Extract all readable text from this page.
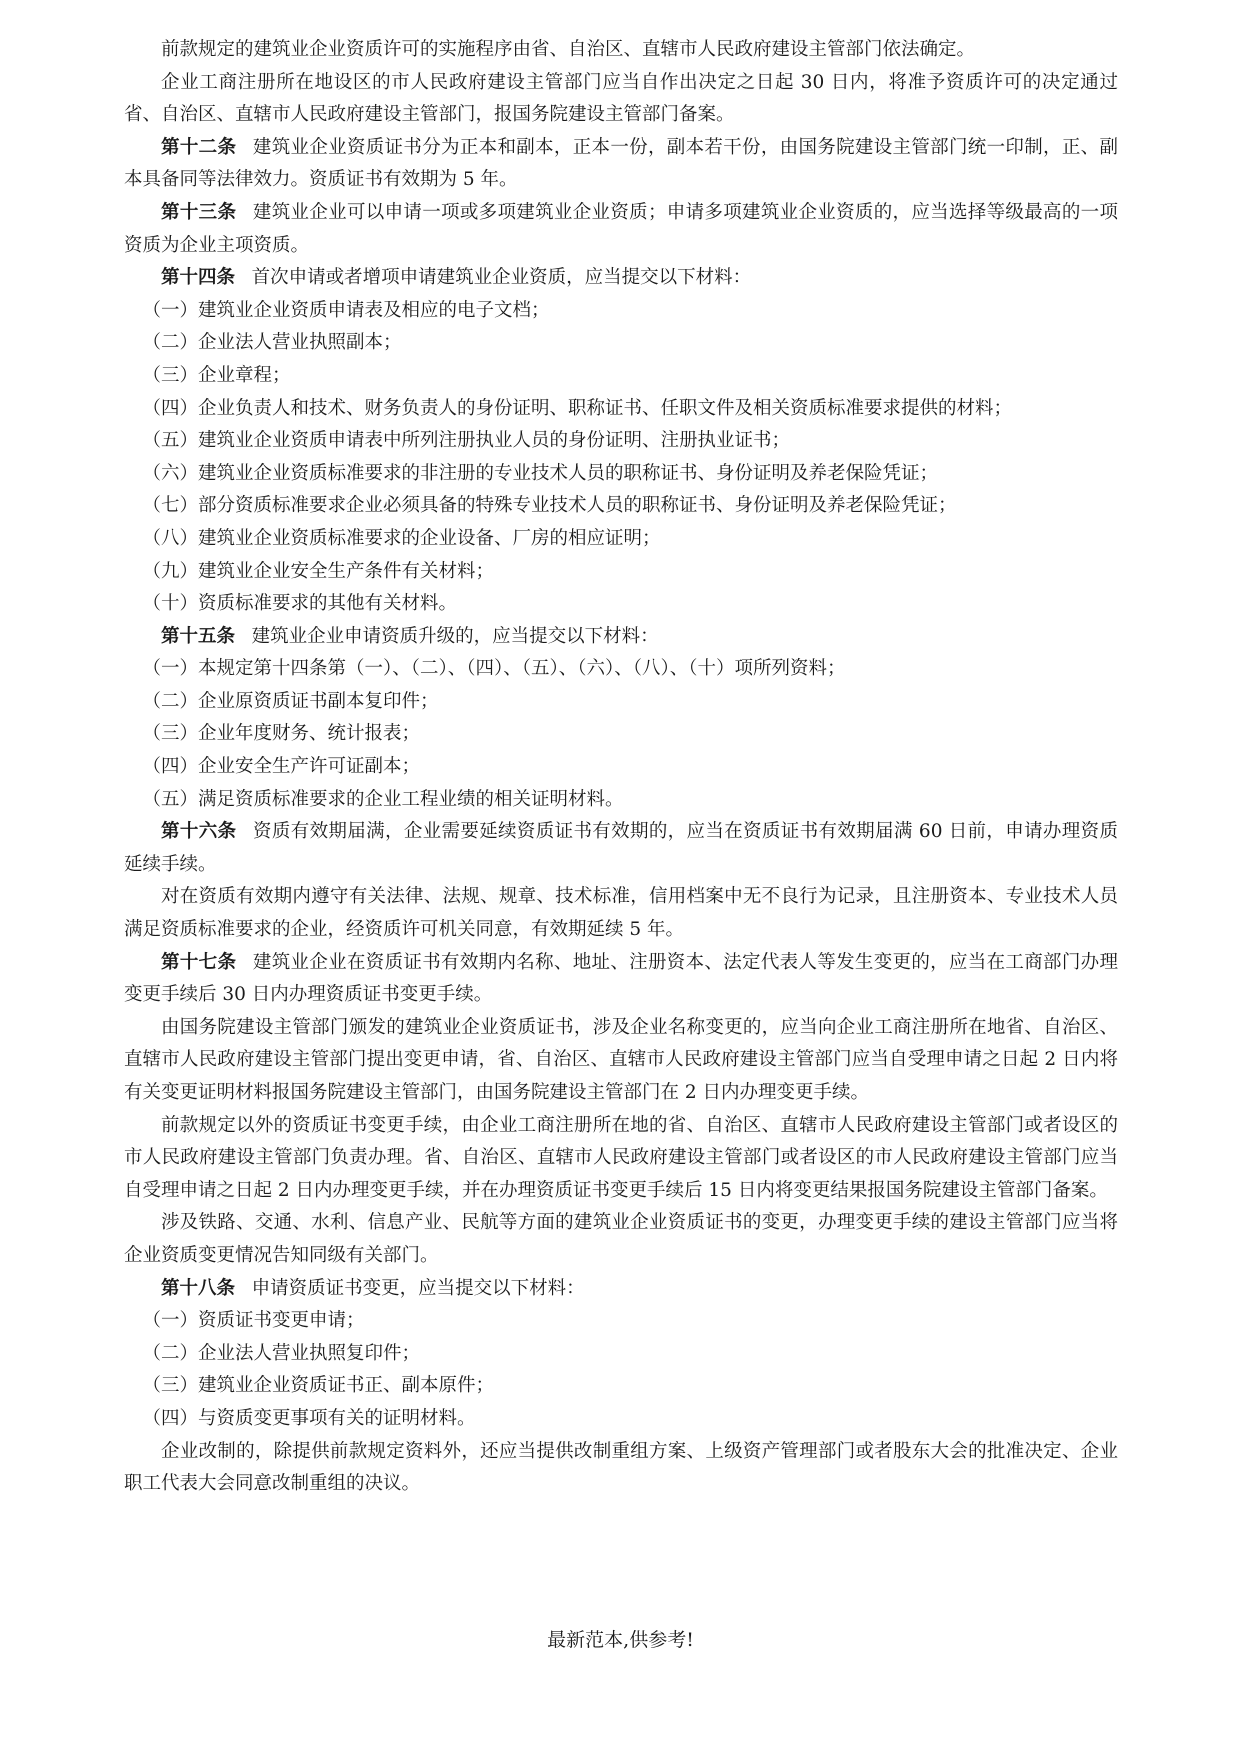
前款规定的建筑业企业资质许可的实施程序由省、自治区、直辖市人民政府建设主管部门依法确定。

企业工商注册所在地设区的市人民政府建设主管部门应当自作出决定之日起 30 日内，将准予资质许可的决定通过省、自治区、直辖市人民政府建设主管部门，报国务院建设主管部门备案。

第十二条 建筑业企业资质证书分为正本和副本，正本一份，副本若干份，由国务院建设主管部门统一印制，正、副本具备同等法律效力。资质证书有效期为 5 年。

第十三条 建筑业企业可以申请一项或多项建筑业企业资质；申请多项建筑业企业资质的，应当选择等级最高的一项资质为企业主项资质。

第十四条 首次申请或者增项申请建筑业企业资质，应当提交以下材料：

（一）建筑业企业资质申请表及相应的电子文档；

（二）企业法人营业执照副本；

（三）企业章程；

（四）企业负责人和技术、财务负责人的身份证明、职称证书、任职文件及相关资质标准要求提供的材料；

（五）建筑业企业资质申请表中所列注册执业人员的身份证明、注册执业证书；

（六）建筑业企业资质标准要求的非注册的专业技术人员的职称证书、身份证明及养老保险凭证；

（七）部分资质标准要求企业必须具备的特殊专业技术人员的职称证书、身份证明及养老保险凭证；

（八）建筑业企业资质标准要求的企业设备、厂房的相应证明；

（九）建筑业企业安全生产条件有关材料；

（十）资质标准要求的其他有关材料。

第十五条 建筑业企业申请资质升级的，应当提交以下材料：

（一）本规定第十四条第（一）、（二）、（四）、（五）、（六）、（八）、（十）项所列资料；

（二）企业原资质证书副本复印件；

（三）企业年度财务、统计报表；

（四）企业安全生产许可证副本；

（五）满足资质标准要求的企业工程业绩的相关证明材料。

第十六条 资质有效期届满，企业需要延续资质证书有效期的，应当在资质证书有效期届满 60 日前，申请办理资质延续手续。

对在资质有效期内遵守有关法律、法规、规章、技术标准，信用档案中无不良行为记录，且注册资本、专业技术人员满足资质标准要求的企业，经资质许可机关同意，有效期延续 5 年。

第十七条 建筑业企业在资质证书有效期内名称、地址、注册资本、法定代表人等发生变更的，应当在工商部门办理变更手续后 30 日内办理资质证书变更手续。

由国务院建设主管部门颁发的建筑业企业资质证书，涉及企业名称变更的，应当向企业工商注册所在地省、自治区、直辖市人民政府建设主管部门提出变更申请，省、自治区、直辖市人民政府建设主管部门应当自受理申请之日起 2 日内将有关变更证明材料报国务院建设主管部门，由国务院建设主管部门在 2 日内办理变更手续。

前款规定以外的资质证书变更手续，由企业工商注册所在地的省、自治区、直辖市人民政府建设主管部门或者设区的市人民政府建设主管部门负责办理。省、自治区、直辖市人民政府建设主管部门或者设区的市人民政府建设主管部门应当自受理申请之日起 2 日内办理变更手续，并在办理资质证书变更手续后 15 日内将变更结果报国务院建设主管部门备案。

涉及铁路、交通、水利、信息产业、民航等方面的建筑业企业资质证书的变更，办理变更手续的建设主管部门应当将企业资质变更情况告知同级有关部门。

第十八条 申请资质证书变更，应当提交以下材料：

（一）资质证书变更申请；

（二）企业法人营业执照复印件；

（三）建筑业企业资质证书正、副本原件；

（四）与资质变更事项有关的证明材料。

企业改制的，除提供前款规定资料外，还应当提供改制重组方案、上级资产管理部门或者股东大会的批准决定、企业职工代表大会同意改制重组的决议。

最新范本,供参考!
